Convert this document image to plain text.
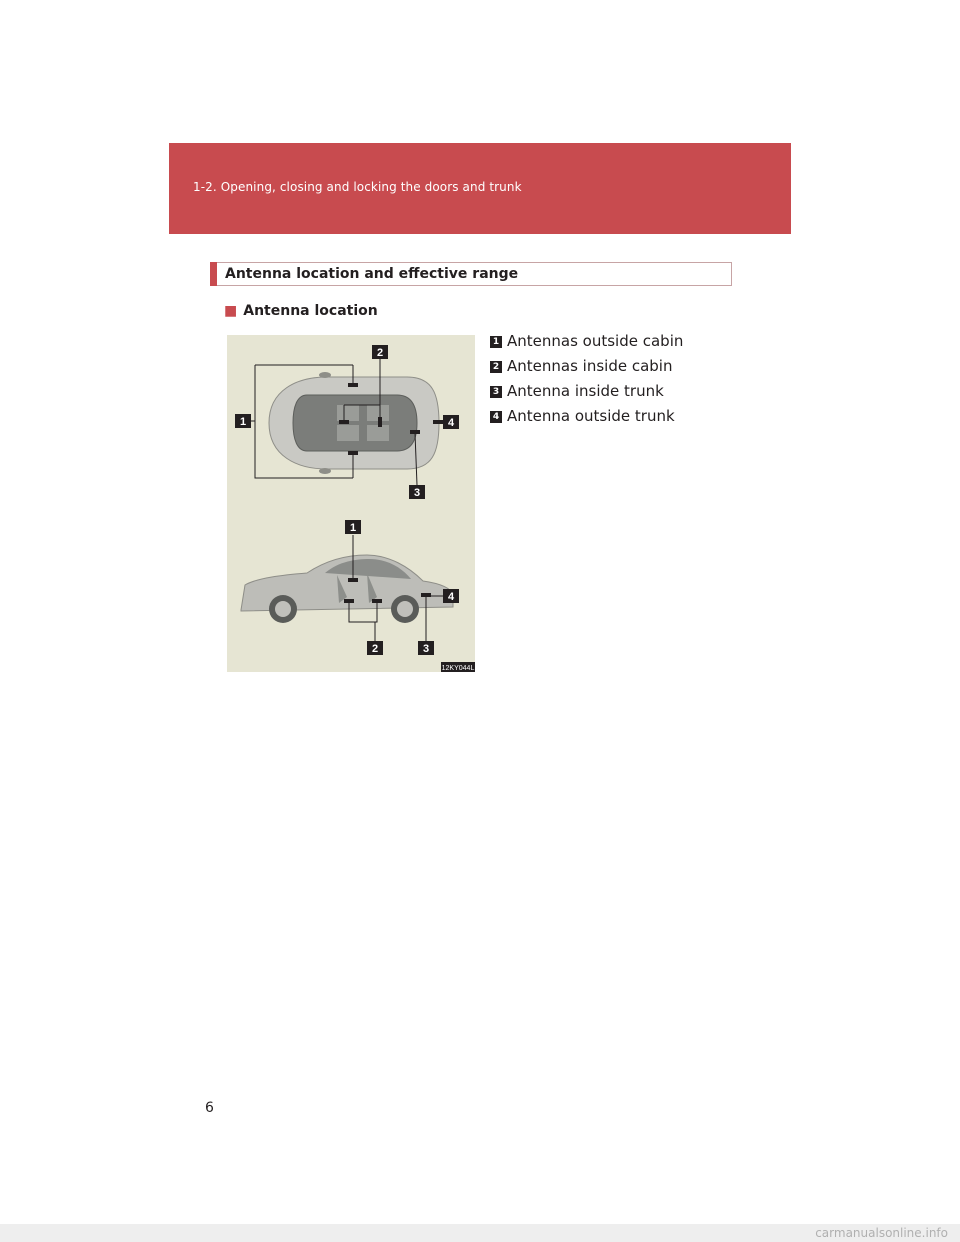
1-2. Opening, closing and locking the doors and trunk
Antenna location and effective range
■ Antenna location
1
2
3
4
1
2	3
4
12KY044L
1 Antennas outside cabin
2 Antennas inside cabin
3 Antenna inside trunk
4 Antenna outside trunk
6
carmanualsonline.info
